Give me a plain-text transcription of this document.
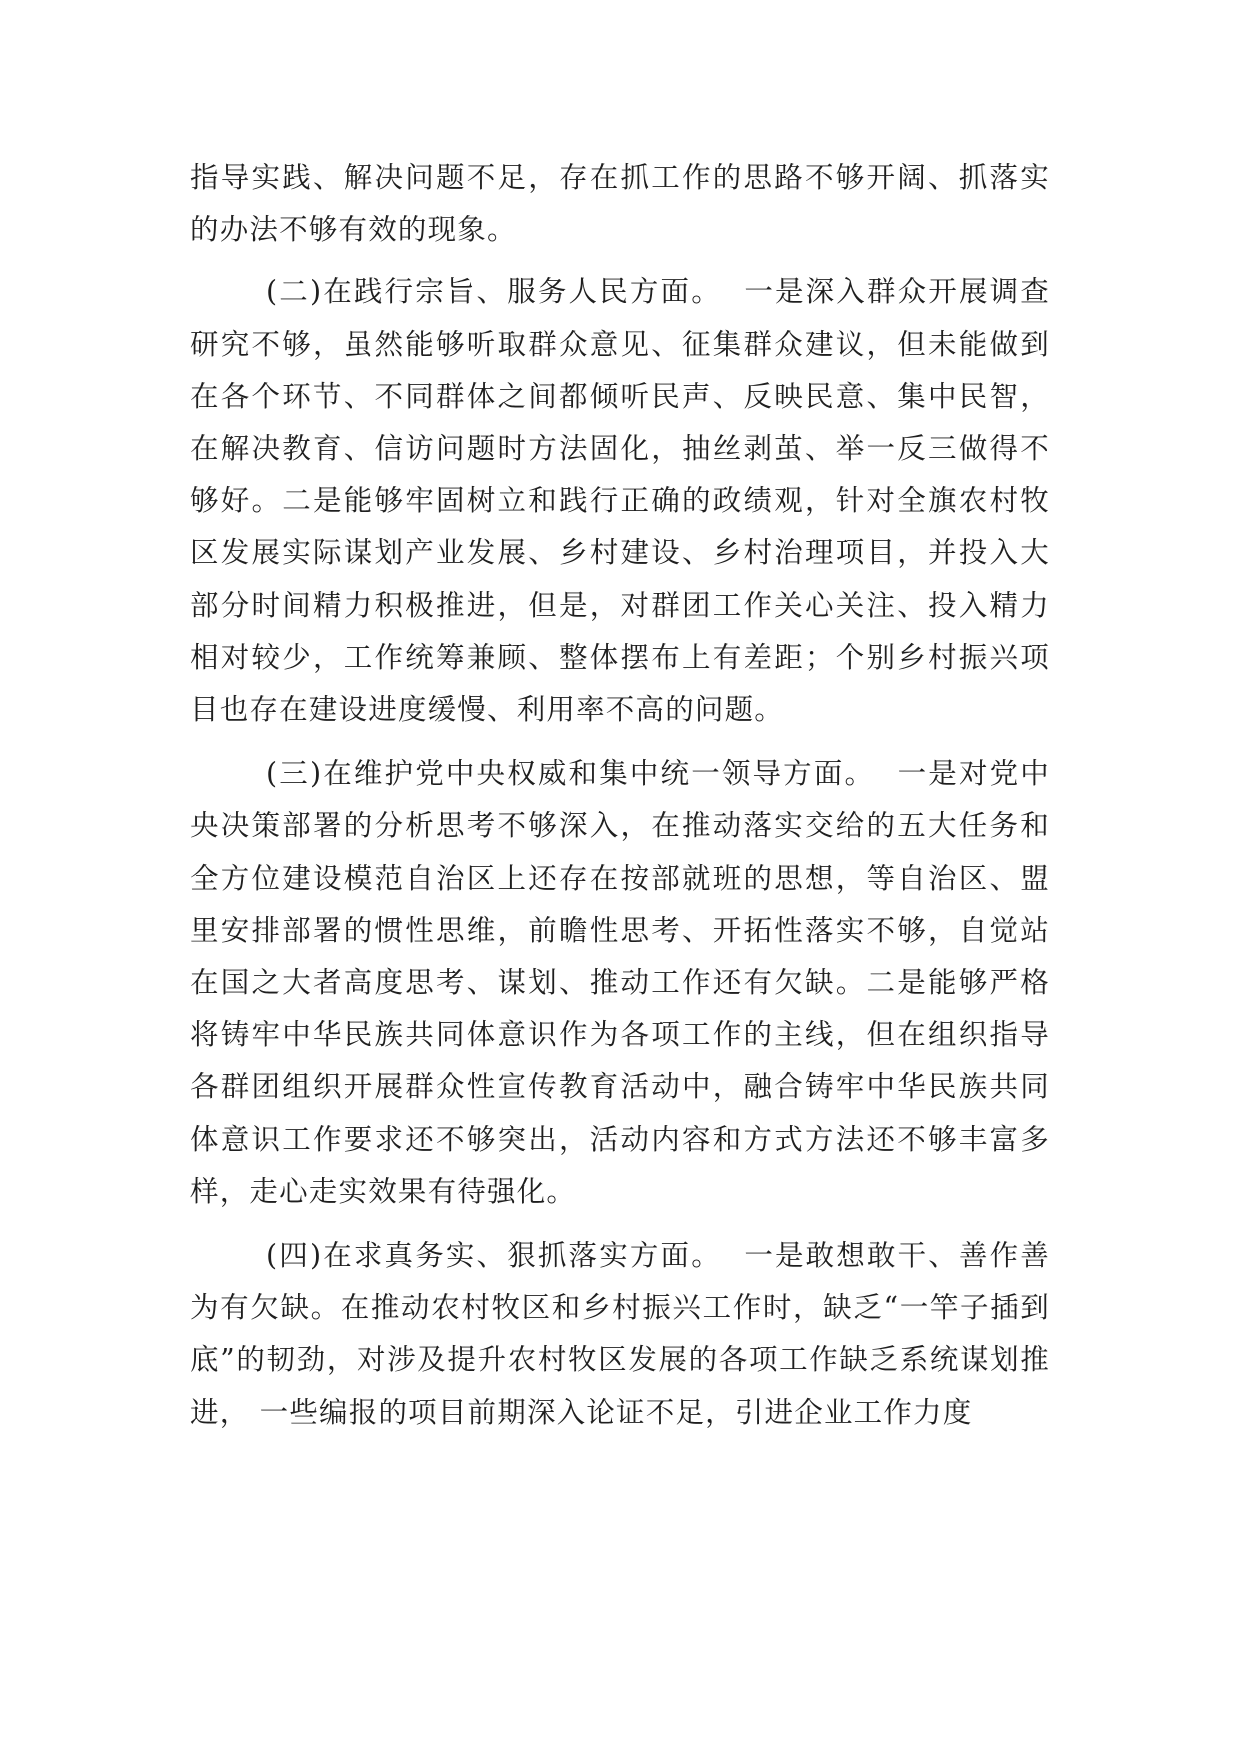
指导实践、解决问题不足，存在抓工作的思路不够开阔、抓落实的办法不够有效的现象。

(二)在践行宗旨、服务人民方面。  一是深入群众开展调查研究不够，虽然能够听取群众意见、征集群众建议，但未能做到在各个环节、不同群体之间都倾听民声、反映民意、集中民智，在解决教育、信访问题时方法固化，抽丝剥茧、举一反三做得不够好。二是能够牢固树立和践行正确的政绩观，针对全旗农村牧区发展实际谋划产业发展、乡村建设、乡村治理项目，并投入大部分时间精力积极推进，但是，对群团工作关心关注、投入精力相对较少，工作统筹兼顾、整体摆布上有差距；个别乡村振兴项目也存在建设进度缓慢、利用率不高的问题。

(三)在维护党中央权威和集中统一领导方面。  一是对党中央决策部署的分析思考不够深入，在推动落实交给的五大任务和全方位建设模范自治区上还存在按部就班的思想，等自治区、盟里安排部署的惯性思维，前瞻性思考、开拓性落实不够，自觉站在国之大者高度思考、谋划、推动工作还有欠缺。二是能够严格将铸牢中华民族共同体意识作为各项工作的主线，但在组织指导各群团组织开展群众性宣传教育活动中，融合铸牢中华民族共同体意识工作要求还不够突出，活动内容和方式方法还不够丰富多样，走心走实效果有待强化。

(四)在求真务实、狠抓落实方面。  一是敢想敢干、善作善为有欠缺。在推动农村牧区和乡村振兴工作时，缺乏“一竿子插到底”的韧劲，对涉及提升农村牧区发展的各项工作缺乏系统谋划推进， 一些编报的项目前期深入论证不足，引进企业工作力度
